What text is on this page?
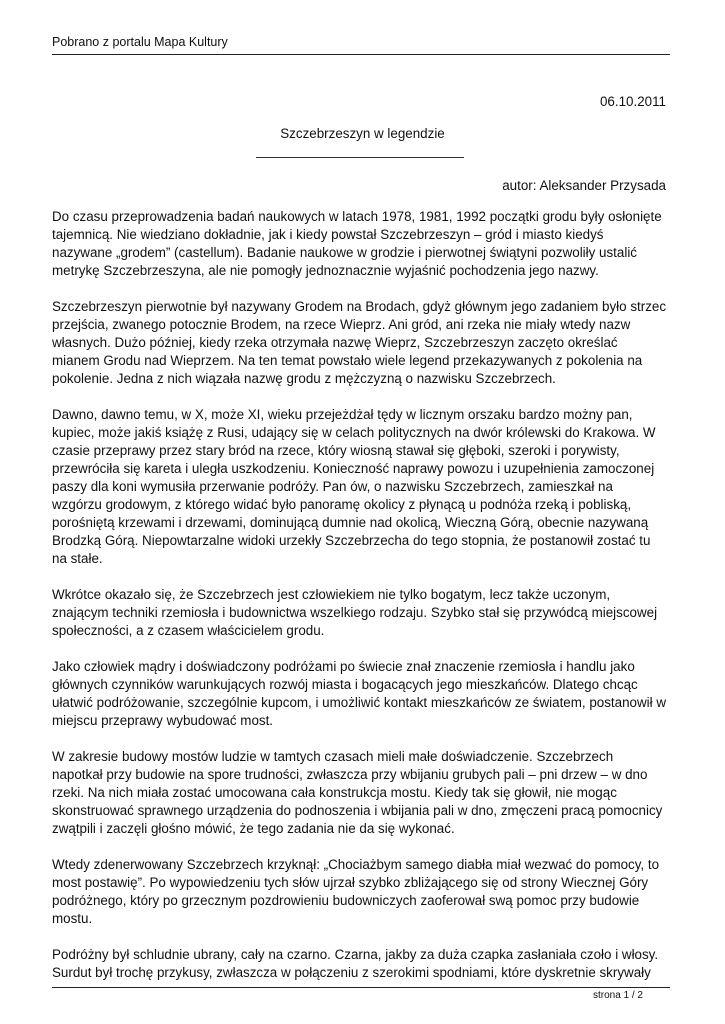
Pobrano z portalu Mapa Kultury
06.10.2011
Szczebrzeszyn w legendzie
autor: Aleksander Przysada

Do czasu przeprowadzenia badań naukowych w latach 1978, 1981, 1992 początki grodu były osłonięte
tajemnicą. Nie wiedziano dokładnie, jak i kiedy powstał Szczebrzeszyn – gród i miasto kiedyś
nazywane „grodem” (castellum). Badanie naukowe w grodzie i pierwotnej świątyni pozwoliły ustalić
metrykę Szczebrzeszyna, ale nie pomogły jednoznacznie wyjaśnić pochodzenia jego nazwy.

Szczebrzeszyn pierwotnie był nazywany Grodem na Brodach, gdyż głównym jego zadaniem było strzec
przejścia, zwanego potocznie Brodem, na rzece Wieprz. Ani gród, ani rzeka nie miały wtedy nazw
własnych. Dużo później, kiedy rzeka otrzymała nazwę Wieprz, Szczebrzeszyn zaczęto określać
mianem Grodu nad Wieprzem. Na ten temat powstało wiele legend przekazywanych z pokolenia na
pokolenie. Jedna z nich wiązała nazwę grodu z mężczyzną o nazwisku Szczebrzech.

Dawno, dawno temu, w X, może XI, wieku przejeżdżał tędy w licznym orszaku bardzo możny pan,
kupiec, może jakiś książę z Rusi, udający się w celach politycznych na dwór królewski do Krakowa. W
czasie przeprawy przez stary bród na rzece, który wiosną stawał się głęboki, szeroki i porywisty,
przewróciła się kareta i uległa uszkodzeniu. Konieczność naprawy powozu i uzupełnienia zamoczonej
paszy dla koni wymusiła przerwanie podróży. Pan ów, o nazwisku Szczebrzech, zamieszkał na
wzgórzu grodowym, z którego widać było panoramę okolicy z płynącą u podnóża rzeką i pobliską,
porośniętą krzewami i drzewami, dominującą dumnie nad okolicą, Wieczną Górą, obecnie nazywaną
Brodzką Górą. Niepowtarzalne widoki urzekły Szczebrzecha do tego stopnia, że postanowił zostać tu
na stałe.

Wkrótce okazało się, że Szczebrzech jest człowiekiem nie tylko bogatym, lecz także uczonym,
znającym techniki rzemiosła i budownictwa wszelkiego rodzaju. Szybko stał się przywódcą miejscowej
społeczności, a z czasem właścicielem grodu.

Jako człowiek mądry i doświadczony podróżami po świecie znał znaczenie rzemiosła i handlu jako
głównych czynników warunkujących rozwój miasta i bogacących jego mieszkańców. Dlatego chcąc
ułatwić podróżowanie, szczególnie kupcom, i umożliwić kontakt mieszkańców ze światem, postanowił w
miejscu przeprawy wybudować most.

W zakresie budowy mostów ludzie w tamtych czasach mieli małe doświadczenie. Szczebrzech
napotkał przy budowie na spore trudności, zwłaszcza przy wbijaniu grubych pali – pni drzew – w dno
rzeki. Na nich miała zostać umocowana cała konstrukcja mostu. Kiedy tak się głowił, nie mogąc
skonstruować sprawnego urządzenia do podnoszenia i wbijania pali w dno, zmęczeni pracą pomocnicy
zwątpili i zaczęli głośno mówić, że tego zadania nie da się wykonać.

Wtedy zdenerwowany Szczebrzech krzyknął: „Chociażbym samego diabła miał wezwać do pomocy, to
most postawię”. Po wypowiedzeniu tych słów ujrzał szybko zbliżającego się od strony Wiecznej Góry
podróżnego, który po grzecznym pozdrowieniu budowniczych zaoferował swą pomoc przy budowie
mostu.

Podróżny był schludnie ubrany, cały na czarno. Czarna, jakby za duża czapka zasłaniała czoło i włosy.
Surdut był trochę przykusy, zwłaszcza w połączeniu z szerokimi spodniami, które dyskretnie skrywały

strona 1 / 2
